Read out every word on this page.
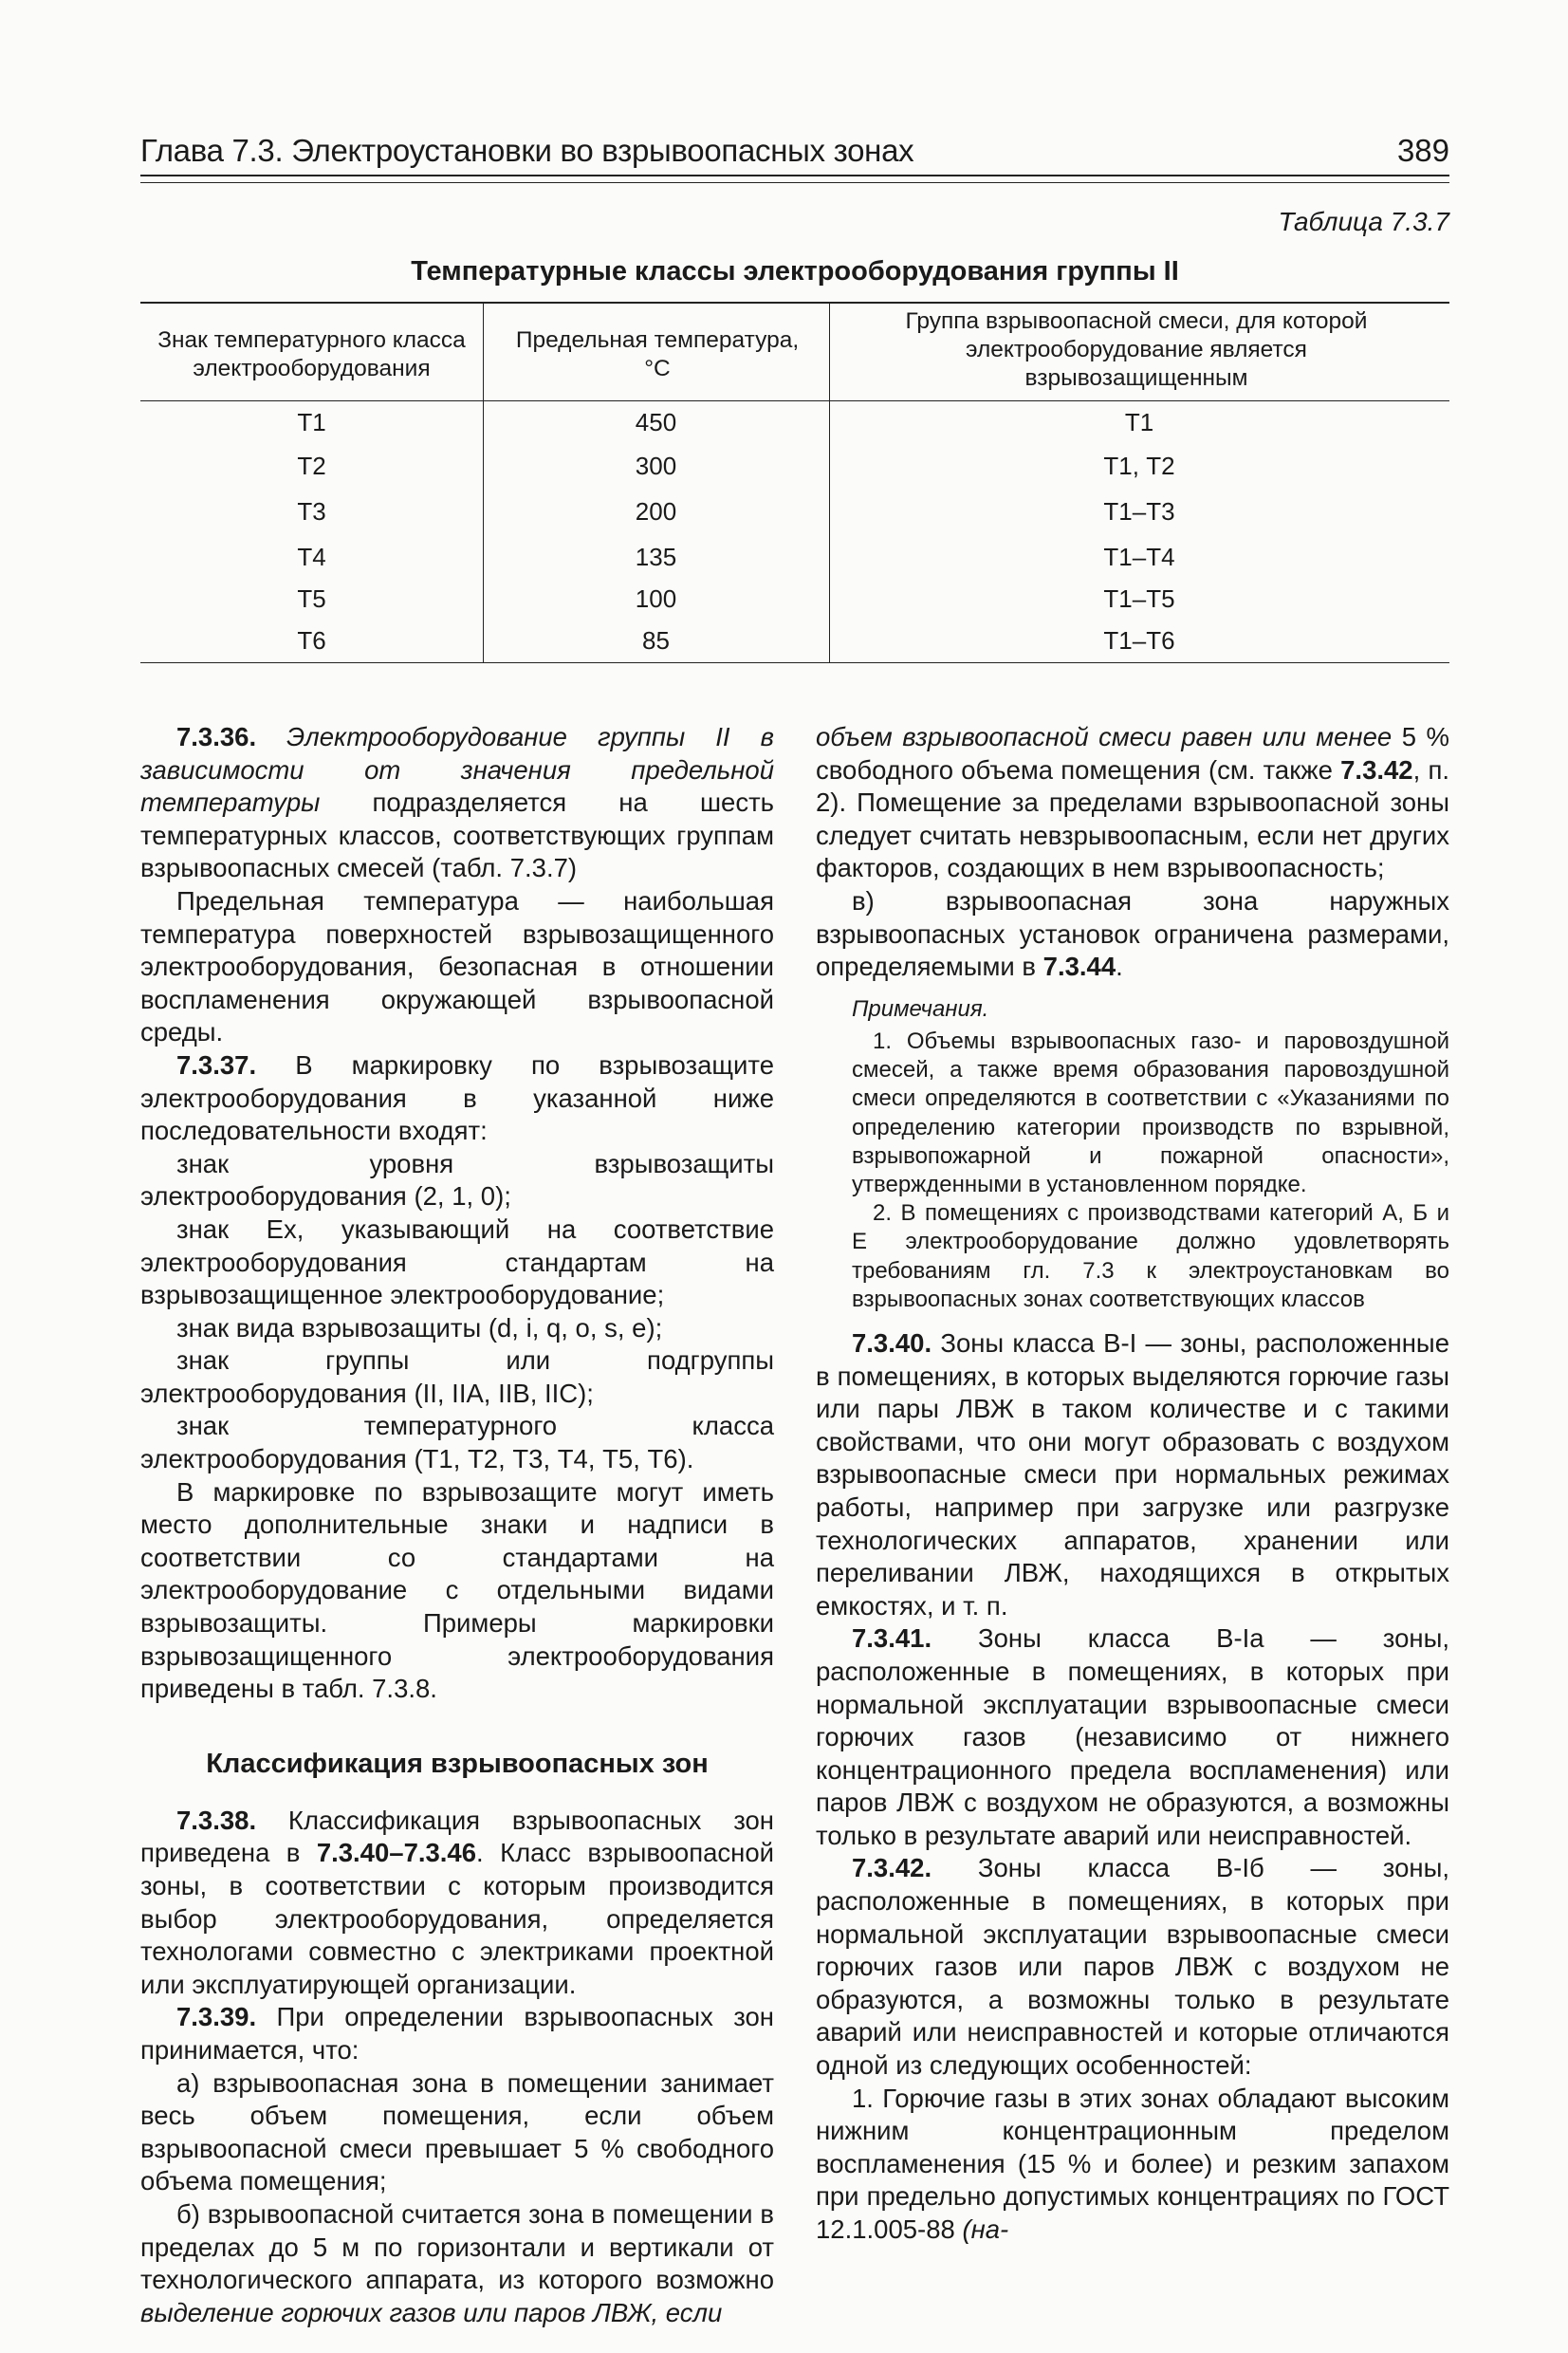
Глава 7.3. Электроустановки во взрывоопасных зонах	389
Таблица 7.3.7
Температурные классы электрооборудования группы II
Знак температурного класса электрооборудования
Предельная температура, °С
Группа взрывоопасной смеси, для которой электрооборудование является взрывозащищенным
Т1	450	Т1
Т2	300	Т1, Т2
Т3	200	Т1–Т3
Т4	135	Т1–Т4
Т5	100	Т1–Т5
Т6	85	Т1–Т6

7.3.36. Электрооборудование группы II в зависимости от значения предельной температуры подразделяется на шесть температурных классов, соответствующих группам взрывоопасных смесей (табл. 7.3.7)

Предельная температура — наибольшая температура поверхностей взрывозащищенного электрооборудования, безопасная в отношении воспламенения окружающей взрывоопасной среды.

7.3.37. В маркировку по взрывозащите электрооборудования в указанной ниже последовательности входят:

знак уровня взрывозащиты электрооборудования (2, 1, 0);

знак Ex, указывающий на соответствие электрооборудования стандартам на взрывозащищенное электрооборудование;

знак вида взрывозащиты (d, i, q, o, s, e);

знак группы или подгруппы электрооборудования (II, IIA, IIB, IIC);

знак температурного класса электрооборудования (Т1, Т2, Т3, Т4, Т5, Т6).

В маркировке по взрывозащите могут иметь место дополнительные знаки и надписи в соответствии со стандартами на электрооборудование с отдельными видами взрывозащиты. Примеры маркировки взрывозащищенного электрооборудования приведены в табл. 7.3.8.

Классификация взрывоопасных зон

7.3.38. Классификация взрывоопасных зон приведена в 7.3.40–7.3.46. Класс взрывоопасной зоны, в соответствии с которым производится выбор электрооборудования, определяется технологами совместно с электриками проектной или эксплуатирующей организации.

7.3.39. При определении взрывоопасных зон принимается, что:

а) взрывоопасная зона в помещении занимает весь объем помещения, если объем взрывоопасной смеси превышает 5 % свободного объема помещения;

б) взрывоопасной считается зона в помещении в пределах до 5 м по горизонтали и вертикали от технологического аппарата, из которого возможно выделение горючих газов или паров ЛВЖ, если

объем взрывоопасной смеси равен или менее 5 % свободного объема помещения (см. также 7.3.42, п. 2). Помещение за пределами взрывоопасной зоны следует считать невзрывоопасным, если нет других факторов, создающих в нем взрывоопасность;

в) взрывоопасная зона наружных взрывоопасных установок ограничена размерами, определяемыми в 7.3.44.

Примечания.

1. Объемы взрывоопасных газо- и паровоздушной смесей, а также время образования паровоздушной смеси определяются в соответствии с «Указаниями по определению категории производств по взрывной, взрывопожарной и пожарной опасности», утвержденными в установленном порядке.

2. В помещениях с производствами категорий А, Б и Е электрооборудование должно удовлетворять требованиям гл. 7.3 к электроустановкам во взрывоопасных зонах соответствующих классов

7.3.40. Зоны класса В-I — зоны, расположенные в помещениях, в которых выделяются горючие газы или пары ЛВЖ в таком количестве и с такими свойствами, что они могут образовать с воздухом взрывоопасные смеси при нормальных режимах работы, например при загрузке или разгрузке технологических аппаратов, хранении или переливании ЛВЖ, находящихся в открытых емкостях, и т. п.

7.3.41. Зоны класса В-Iа — зоны, расположенные в помещениях, в которых при нормальной эксплуатации взрывоопасные смеси горючих газов (независимо от нижнего концентрационного предела воспламенения) или паров ЛВЖ с воздухом не образуются, а возможны только в результате аварий или неисправностей.

7.3.42. Зоны класса В-Iб — зоны, расположенные в помещениях, в которых при нормальной эксплуатации взрывоопасные смеси горючих газов или паров ЛВЖ с воздухом не образуются, а возможны только в результате аварий или неисправностей и которые отличаются одной из следующих особенностей:

1. Горючие газы в этих зонах обладают высоким нижним концентрационным пределом воспламенения (15 % и более) и резким запахом при предельно допустимых концентрациях по ГОСТ 12.1.005-88 (на-
